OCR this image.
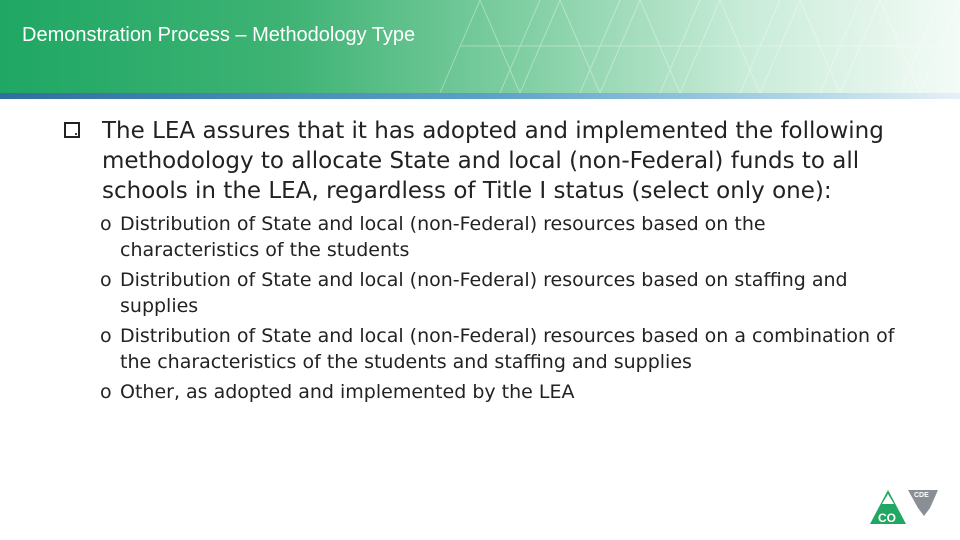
Demonstration Process – Methodology Type
The LEA assures that it has adopted and implemented the following methodology to allocate State and local (non-Federal) funds to all schools in the LEA, regardless of Title I status (select only one):
o Distribution of State and local (non-Federal) resources based on the characteristics of the students
o Distribution of State and local (non-Federal) resources based on staffing and supplies
o Distribution of State and local (non-Federal) resources based on a combination of the characteristics of the students and staffing and supplies
o Other, as adopted and implemented by the LEA
CDE
CO
